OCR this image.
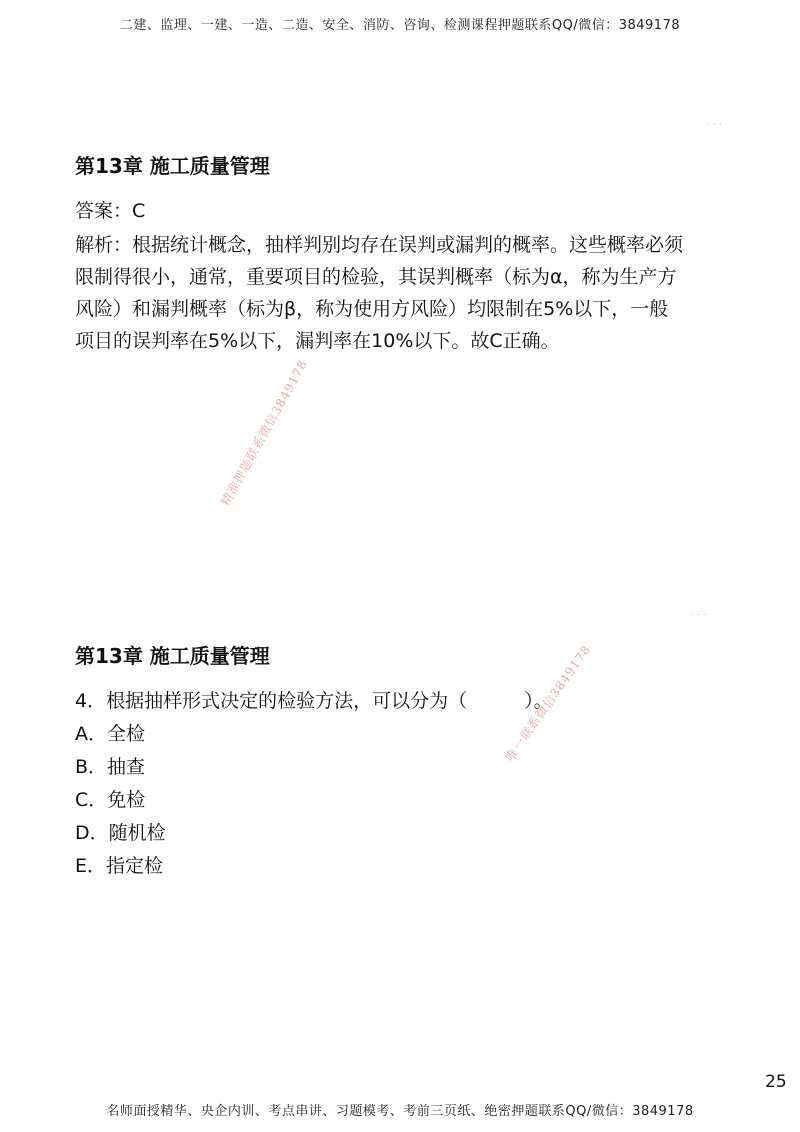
二建、监理、一建、一造、二造、安全、消防、咨询、检测课程押题联系QQ/微信：3849178
· · ·
· · ·
第13章 施工质量管理
答案：C
解析：根据统计概念，抽样判别均存在误判或漏判的概率。这些概率必须
限制得很小，通常，重要项目的检验，其误判概率（标为α，称为生产方
风险）和漏判概率（标为β，称为使用方风险）均限制在5%以下，一般
项目的误判率在5%以下，漏判率在10%以下。故C正确。
精准押题联系微信3849178
第13章 施工质量管理
4．根据抽样形式决定的检验方法，可以分为（　　　）。
A．全检
B．抽查
C．免检
D．随机检
E．指定检
唯一联系微信3849178
25
名师面授精华、央企内训、考点串讲、习题模考、考前三页纸、绝密押题联系QQ/微信：3849178
